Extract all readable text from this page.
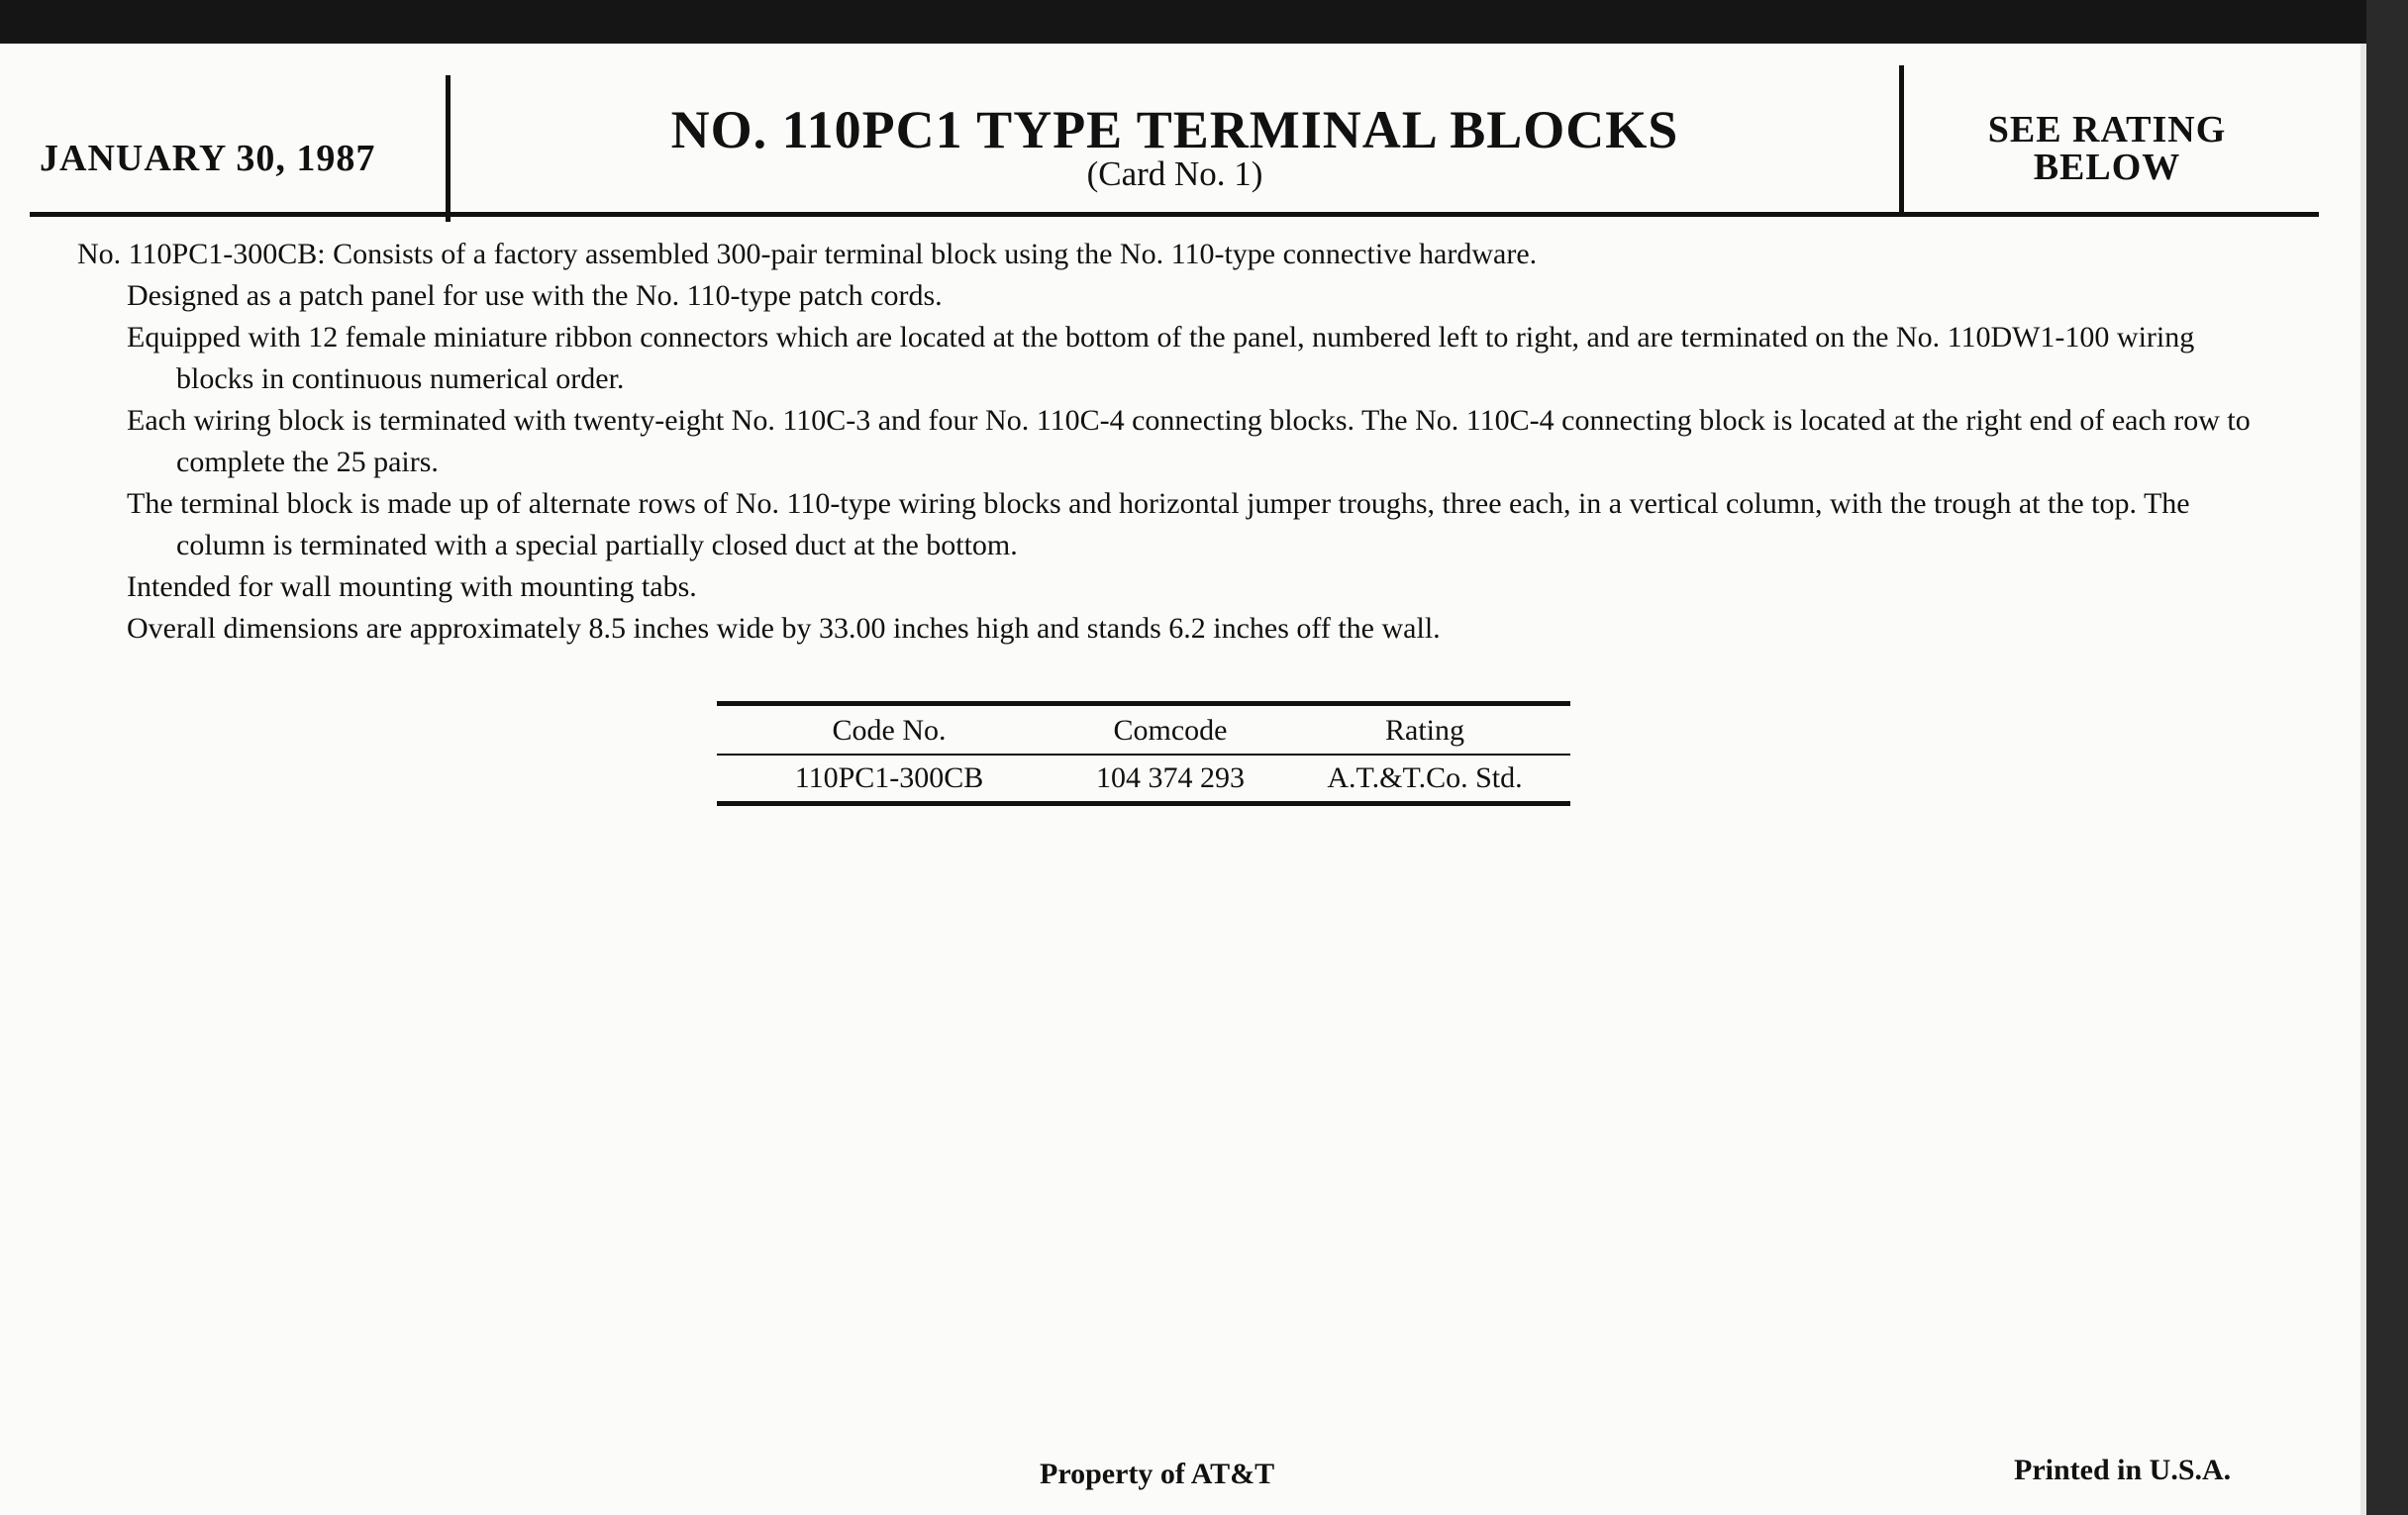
JANUARY 30, 1987	NO. 110PC1 TYPE TERMINAL BLOCKS
(Card No. 1)
SEE RATING
BELOW
No. 110PC1-300CB: Consists of a factory assembled 300-pair terminal block using the No. 110-type connective hardware.
Designed as a patch panel for use with the No. 110-type patch cords.
Equipped with 12 female miniature ribbon connectors which are located at the bottom of the panel, numbered left to right, and are terminated on the No. 110DW1-100 wiring blocks in continuous numerical order.
Each wiring block is terminated with twenty-eight No. 110C-3 and four No. 110C-4 connecting blocks. The No. 110C-4 connecting block is located at the right end of each row to complete the 25 pairs.
The terminal block is made up of alternate rows of No. 110-type wiring blocks and horizontal jumper troughs, three each, in a vertical column, with the trough at the top. The column is terminated with a special partially closed duct at the bottom.
Intended for wall mounting with mounting tabs.
Overall dimensions are approximately 8.5 inches wide by 33.00 inches high and stands 6.2 inches off the wall.
Code No.	Comcode	Rating
110PC1-300CB	104 374 293	A.T.&T.Co. Std.
Property of AT&T	Printed in U.S.A.
